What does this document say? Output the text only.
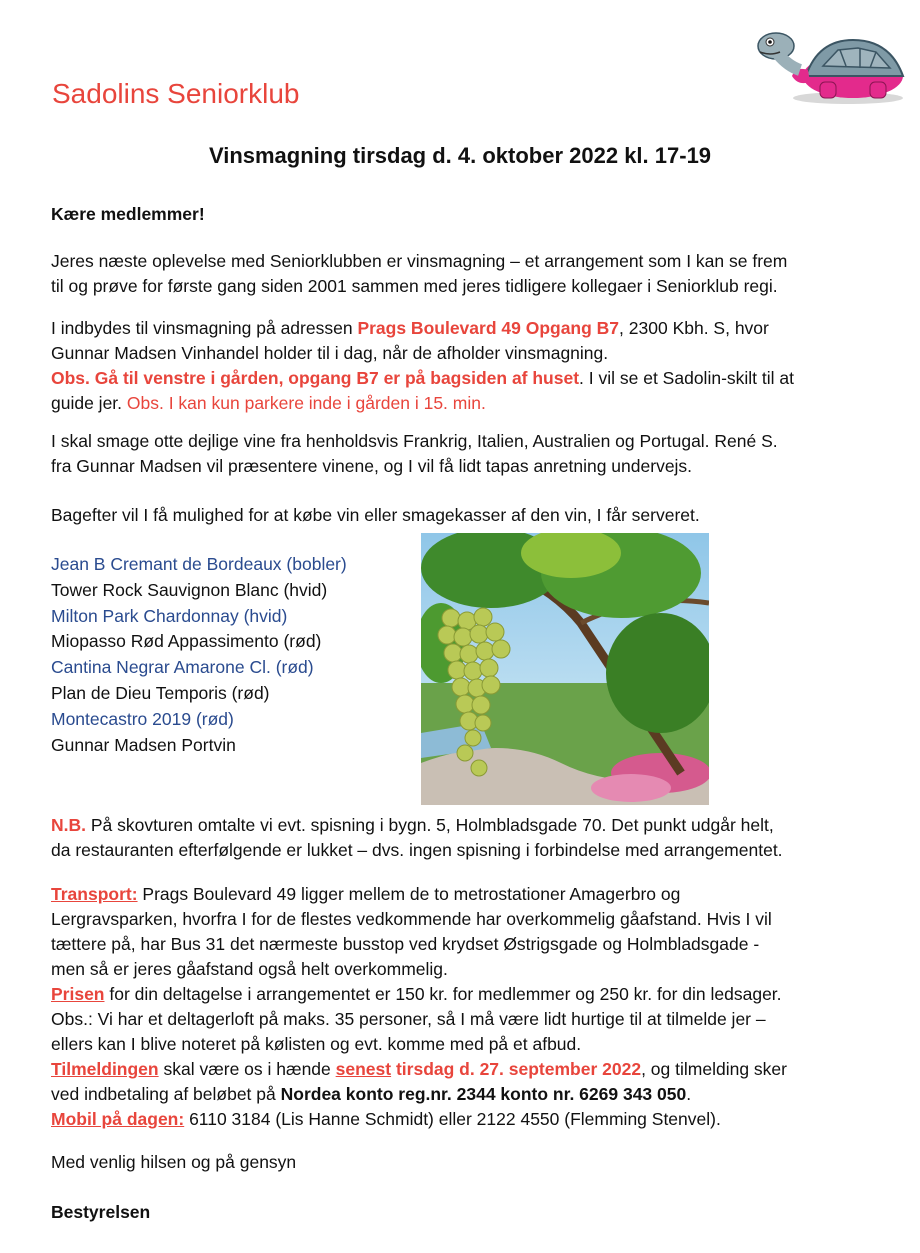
Sadolins Seniorklub
Vinsmagning tirsdag d. 4. oktober 2022 kl. 17-19
Kære medlemmer!
Jeres næste oplevelse med Seniorklubben er vinsmagning – et arrangement som I kan se frem
til og prøve for første gang siden 2001 sammen med jeres tidligere kollegaer i Seniorklub regi.
I indbydes til vinsmagning på adressen Prags Boulevard 49 Opgang B7, 2300 Kbh. S, hvor
Gunnar Madsen Vinhandel holder til i dag, når de afholder vinsmagning.
Obs. Gå til venstre i gården, opgang B7 er på bagsiden af huset. I vil se et Sadolin-skilt til at
guide jer. Obs. I kan kun parkere inde i gården i 15. min.
I skal smage otte dejlige vine fra henholdsvis Frankrig, Italien, Australien og Portugal. René S.
fra Gunnar Madsen vil præsentere vinene, og I vil få lidt tapas anretning undervejs.
Bagefter vil I få mulighed for at købe vin eller smagekasser af den vin, I får serveret.
Jean B Cremant de Bordeaux (bobler)
Tower Rock Sauvignon Blanc (hvid)
Milton Park Chardonnay (hvid)
Miopasso Rød Appassimento (rød)
Cantina Negrar Amarone Cl. (rød)
Plan de Dieu Temporis (rød)
Montecastro 2019 (rød)
Gunnar Madsen Portvin
N.B. På skovturen omtalte vi evt. spisning i bygn. 5, Holmbladsgade 70. Det punkt udgår helt,
da restauranten efterfølgende er lukket – dvs. ingen spisning i forbindelse med arrangementet.
Transport: Prags Boulevard 49 ligger mellem de to metrostationer Amagerbro og
Lergravsparken, hvorfra I for de flestes vedkommende har overkommelig gåafstand. Hvis I vil
tættere på, har Bus 31 det nærmeste busstop ved krydset Østrigsgade og Holmbladsgade -
men så er jeres gåafstand også helt overkommelig.
Prisen for din deltagelse i arrangementet er 150 kr. for medlemmer og 250 kr. for din ledsager.
Obs.: Vi har et deltagerloft på maks. 35 personer, så I må være lidt hurtige til at tilmelde jer –
ellers kan I blive noteret på kølisten og evt. komme med på et afbud.
Tilmeldingen skal være os i hænde senest tirsdag d. 27. september 2022, og tilmelding sker
ved indbetaling af beløbet på Nordea konto reg.nr. 2344 konto nr. 6269 343 050.
Mobil på dagen: 6110 3184 (Lis Hanne Schmidt) eller 2122 4550 (Flemming Stenvel).
Med venlig hilsen og på gensyn
Bestyrelsen
